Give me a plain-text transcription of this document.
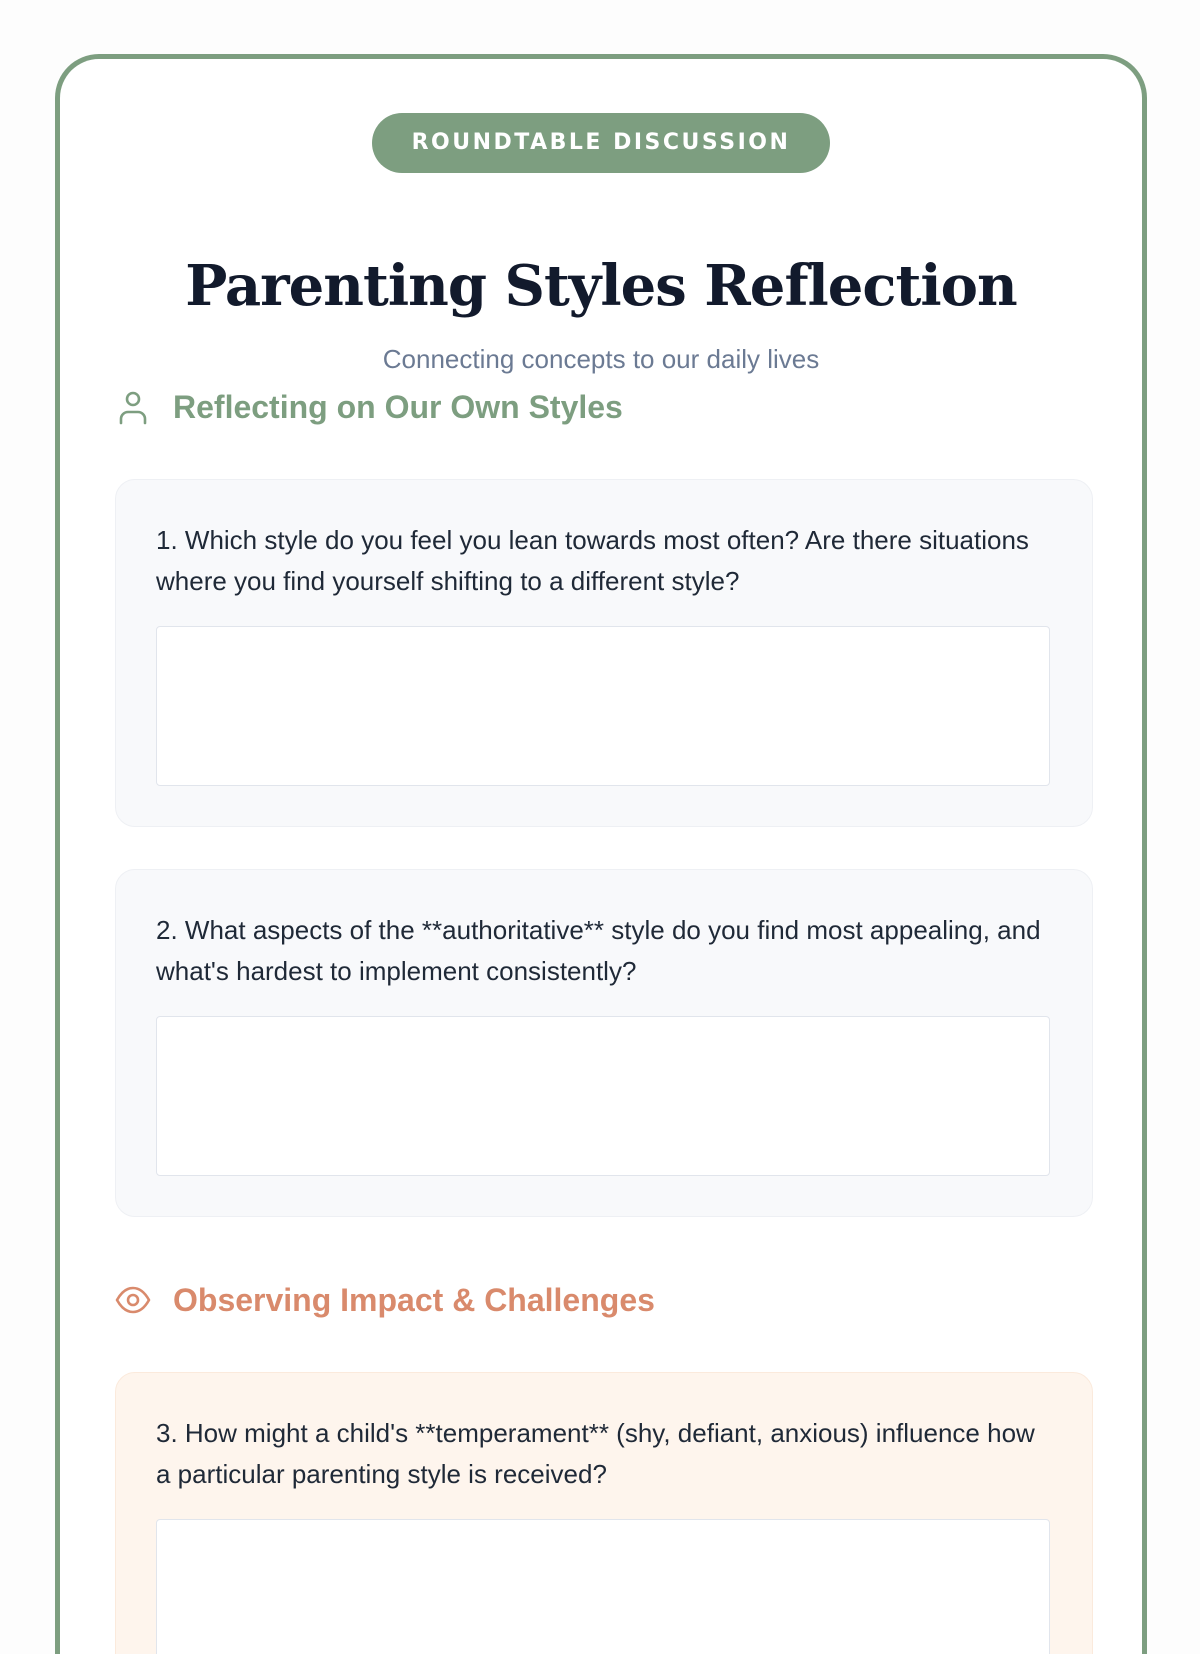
ROUNDTABLE DISCUSSION
Parenting Styles Reflection
Connecting concepts to our daily lives
Reflecting on Our Own Styles

1. Which style do you feel you lean towards most often? Are there situations where you find yourself shifting to a different style?

2. What aspects of the **authoritative** style do you find most appealing, and what's hardest to implement consistently?

Observing Impact & Challenges

3. How might a child's **temperament** (shy, defiant, anxious) influence how a particular parenting style is received?
